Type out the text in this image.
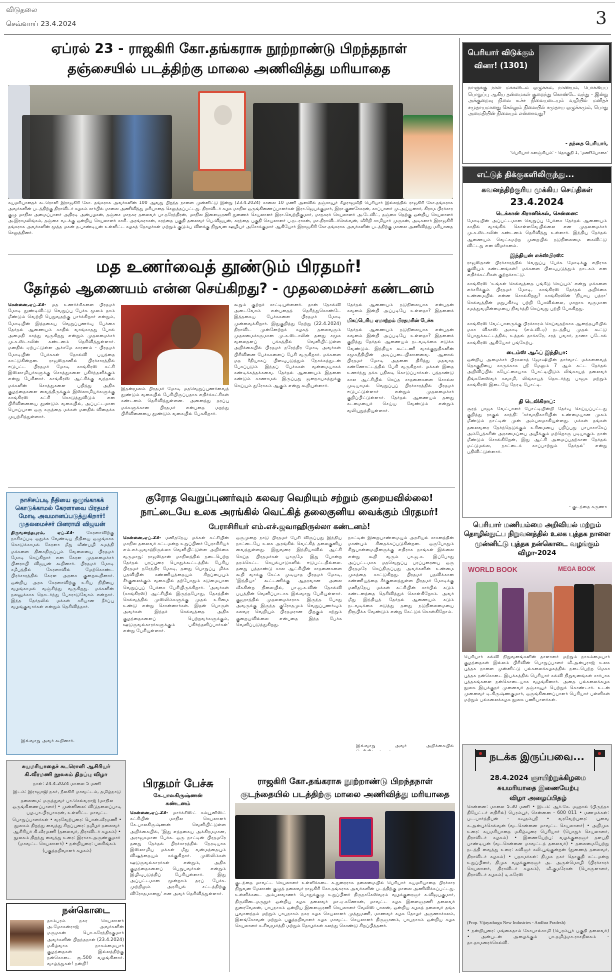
விடுதலை
செவ்வாய் 23.4.2024	3
ஏப்ரல் 23 - ராஜகிரி கோ.தங்கராசு நூற்றாண்டு பிறந்தநாள்
தஞ்சையில் படத்திற்கு மாலை அணிவித்து மரியாதை
சுயமரியாதைச் சுடரொளி இராஜகிரி கோ. தங்கராசு அவர்களின் 100 ஆவது பிறந்த நாளை முன்னிட்டு இன்று (23.4.2024) காலை 10 மணி அளவில் தஞ்சாவூர் கீழராஜவீதி பெரியார் இல்லத்தில் ராஜகிரி கோ.தங்கராசு அவர்களின் படத்திற்கு திராவிடர் கழகம் சார்பில் மாலை அணிவித்து மரியாதை செலுத்தப்பட்டது. திராவிடர் கழக மாநில ஒருங்கிணைப்பாளர்கள் இரா.ஜெயக்குமார், இரா.குணசேகரன், காப்பாளர் மு.அய்யனார், கிராம பிரச்சார குழு மாநில அமைப்பாளர் அதிரடி அன்பழகன், தஞ்சை மாநகர தலைவர் பா.நரேந்திரன், மாநில இளைஞரணி துணைச் செயலாளர் இரா.வெற்றிகுமார், மாநகரச் செயலாளர் அ.டேவிட், தஞ்சை தெற்கு ஒன்றிய செயலாளர் அ.இராமலிங்கம், தஞ்சை வடக்கு ஒன்றிய செயலாளர் காசி. அரங்கராசன், கரந்தை பகுதி தலைவர் பெ.விஜயன், கரந்தை பகுதி செயலாளர் ப.நடராசன், மா.திராவிடச்செல்வன், வீசிறி சாமியார் முருகன், அடிகளார் இராஜகிரி தங்கராசு அவர்களின் மூத்த மகன் த.பாண்டியன் உள்ளிட்ட கழகத் தோழர்கள் மற்றும் குடும்ப விளக்கு நிறுவன ஊழியர் அசோக்குமார் ஆகியோர் இராஜகிரி கோ.தங்கராசு அவர்களின் படத்திற்கு மாலை அணிவித்து மரியாதை செலுத்தினர்.
மத உணர்வைத் தூண்டும் பிரதமர்!
தேர்தல் ஆணையம் என்ன செய்கிறது? - முதலமைச்சர் கண்டனம்
சென்னை,ஏப்.23- மத உணர்ச்சிகளை பிரதமர் மோடி தூண்டிவிட்டு வெறுப்பு பேச்சு மூலம் தாம் மீண்டும் வெற்றி பெறுவதற்கு பார்க்கிறார் என்றும், மோடியின் இத்தகைய வெறுப்புணர்வு பேச்சை தேர்தல் ஆணையம் காதில் வாங்காதது போல் அமைதி காத்து வருகிறது என்றும் முதலமைச்சர் மு.க.ஸ்டாலின் கண்டனம் தெரிவித்துள்ளார். மனதில் ஏற்பட்டுள்ள அச்சமே காரணம் - பிரதமர் மோடியின் பேச்சுகள் தோல்வி பயத்தை காட்டுகின்றன. ராஜஸ்தானில் பிரச்சாரத்தில் ஈடுபட்ட பிரதமர் மோடி காங்கிரஸ் கட்சி இஸ்லாமியர்களுக்கு சொத்துகளை பகிர்ந்தளிக்கும் என்று பேசினார். காங்கிரஸ் ஆட்சிக்கு வந்தால் மக்களின் சொத்துகளை பறித்து அதிக குழந்தைகளை வைத்திருக்கும் இஸ்லாமியர்களுக்கு காங்கிரஸ் கட்சி கொடுத்துவிடும் என பிரிவினையை தூண்டும் வகையில், அப்பட்டமான பொய்யான ஒரு கருத்தை மக்கள் மனதில் விதைக்க முயற்சித்துள்ளார்.
இதன்மூலம் பிரதமர் மோடி மதவெறுப்புணர்வைத் தூண்டும் வகையில் பேசியிருப்பதாக எதிர்க்கட்சிகள் கண்டனம் தெரிவித்துள்ளன. அனைத்து தரப்பு மக்களுக்கான பிரதமர் என்பதை மறந்து பிரிவினையை தூண்டும் வகையில் பேசுகிறார்.
கூறும் குற்றச் சாட்டியுள்ளனர். தான் தோல்வி அடைவோம் என்பதைத் தெரிந்துகொண்டே இத்தகைய பேச்சுகளை பிரதமர் மோடி முன்வைக்கிறார். இதுகுறித்து நேற்று (22.4.2024) திராவிட முன்னேற்றக் கழகத் தலைவரும் முதலமைச்சருமான மு.க.ஸ்டாலின் தனது சமூக வலைதளப் பக்கத்தில் வெளியிட்டுள்ள அறிக்கையில் பிரதமர் நரேந்திர மோடி அவர்கள் பிரிவினை பேச்சுகளைப் பேசி வருகிறார். மக்களை மத ரீதியாகப் பிளவுபடுத்தும் நோக்கத்துடன் பேசப்படும் இந்தப் பேச்சுகள் வன்மையாகக் கண்டிக்கத்தக்கவை. தேர்தல் ஆணையம் இதனை கண்டும் காணாமல் இருப்பது ஜனநாயகத்துக்கு செய்யும் துரோகம் ஆகும் என்று கூறியுள்ளார்.
தேர்தல் ஆணையம் நடுநிலையாக என்பதன் கவனம் இன்றி அப்படியே உள்ளதா? இதனைக்
மிகப்பெரிய ஏமாற்றம் பிரதமரின் பேச்சு
தேர்தல் ஆணையம் நடுநிலையாக என்பதன் கவனம் இன்றி அப்படியே உள்ளதா? இதனைக் குறித்து தேர்தல் ஆணையம் நடவடிக்கை எடுக்க வேண்டும். இந்தியா கூட்டணி வாக்குறுதிகளின் சமூகநீதியின் அடிப்படையிலானவை. ஆனால் பிரதமர் மோடி அதனை திரித்து மதவாத கண்ணோட்டத்தில் பேசி வருகிறார். மக்கள் இதை உணர்ந்து தக்க பதிலடி கொடுப்பார்கள். பத்தாண்டு கால ஆட்சியில் செய்த சாதனைகளை சொல்ல முடியாமல் வெறுப்புப் பிரச்சாரத்தில் பிரதமர் ஈடுபட்டுள்ளார் என்றும் முதலமைச்சர் குறிப்பிட்டுள்ளார். தேர்தல் ஆணையம் தனது கடமையைச் செய்ய வேண்டும் என்றும் வலியுறுத்தியுள்ளார்.
நாசிசப்படி நீதியை ஒழுங்காகக் கொடுக்காமல் கேரளாவை பிரதமர் மோடி அவமானப்படுத்துகிறார்! முதலமைச்சர் பினராயி விஜயன்
திருவனந்தபுரம், ஏப்.23-	கேரளாவிற்கு நாசிசப்படி ஒதுக்க வேண்டிய நிதியை ஒழுங்காக கொடுக்காமல் கேரளா மீது வீண்பழி சுமத்தி மக்களை திசைதிருப்பும் வேலையை பிரதமர் மோடி செய்கிறார் என கேரள முதலமைச்சர் பினராயி விஜயன் கூறினார். பிரதமர் மோடி சமீபத்தில் கேரளாவில் மேற்கொண்ட பிரச்சாரத்தில் கேரள அரசை குறைகூறினார். ஒன்றிய அரசு கேரளாவிற்கு உரிய நிதியை வழங்காமல் வஞ்சித்து வருகிறது. மக்களின் நலனுக்காக தொடர்ந்து போராடுவோம் என்றார். இந்த தேர்தலில் மக்கள் சரியான தீர்ப்பு வழங்குவார்கள் என்றும் தெரிவித்தார்.
இவ்வாறு அவர் கூறினார்.
குரோத வெறுப்புணர்வும் கலவர வெறியும் சற்றும் குறையவில்லை!
நாட்டையே உலக அரங்கில் வெட்கித் தலைகுனிய வைக்கும் பிரதமர்!
பேராசிரியர் எம்.எச்.ஜவாஹிருல்லா கண்டனம்!
சென்னை,ஏப்.23- மனிதநேய மக்கள் கட்சியின் மாநில தலைவர் சட்டமன்ற உறுப்பினர் பேராசிரியர் எம்.எச்.ஜவாஹிருல்லா வெளியிட்டுள்ள அறிக்கை வருமாறு: ராஜஸ்தான் மாநிலத்தில் நடைபெற்ற தேர்தல் பரப்புரை பொதுக்கூட்டத்தில் பேசிய பிரதமர் நரேந்திர மோடி, தனது பொறுப்பு மிக்க பதவியின் கண்ணியத்தையும் சிறப்பையும் சீர்குலைக்கும் வகையில் தற்போதும் கடுமையான வெறுப்புப் பேச்சை பேசியிருக்கிறார். 'அவர்கள் (காங்கிரஸ்) ஆட்சியில் இருந்தபோது, தேசத்தின் செல்வத்தில் முஸ்லிம்களுக்கு முதல் உரிமை உண்டு என்று சொன்னார்கள். இதன் பொருள் அவர்கள் இந்தச் செல்வத்தை அதிக குழந்தைகளைப் பெற்றவர்களுக்கும், ஊடுருவல்காரர்களுக்கும் பகிர்ந்தளிப்பார்கள்' என்று பேசியுள்ளார்.
ஒருமுறை நாடு பிரதமர் பேசி விருப்பது இந்திய நாட்டையே உலக அரங்கில் வெட்கித் தலைகுனிய வைத்துள்ளது. இதுவரை இந்தியாவில் ஆட்சி செய்த பிரதமர்கள் யாருமே இது போன்ற தரம்கெட்ட செயல்பாடுகளில் ஈடுபட்டதில்லை. தனது பத்தாண்டு கால ஆட்சியின் சாதனைகளை கூறி வாக்கு கேட்க முடியாத பிரதமர் மோடி, 'இந்தியா' கூட்டணிக்கு ஆதரவான அலை வீசுகின்ற நிலையில், பா.ஜ.க.வின் தோல்வி பயத்தின் வெளிப்பாடாக இவ்வாறு பேசியுள்ளார். குஜராத்தில் முதலமைச்சராக இருந்த போது அவருக்கு இருந்த குரோதமும் வெறுப்புணர்வும் கலவர வெறியும் பிரதமரான பிறகும் சற்றும் குறையவில்லை என்பதை இந்த பேச்சு வெளிப்படுத்துகிறது.
நாட்டின் இறையாண்மையும் அரசியல் சாசனத்தின் மாண்பும் சிதைக்கப்படுகின்றன. ஒருபோதும் சிறுபான்மையினருக்கு எதிராக நாங்கள் இல்லை என்று கூறி வரும் பா.ஜ.க. இப்போது அப்பட்டமாக மதவெறுப்பு பரப்புரையை ஒரு பிரதமரே செய்திருப்பது அவர்களின் உண்மை முகத்தை காட்டுகிறது. பிரதமர் பதவிக்கான கண்ணியத்தை சீர்குலைத்துள்ள பிரதமர் மோடிக்கு மனிதநேய மக்கள் கட்சியின் சார்பில் கடும் கண்டனத்தை தெரிவித்துக் கொள்கிறோம். அவர் மீது இந்தியத் தேர்தல் ஆணையம் கடும் நடவடிக்கை எடுத்து தனது நடுநிலைமையை நிரூபிக்க வேண்டும் என்று கேட்டுக் கொள்கிறோம்.
இவ்வாறு அவர் அறிக்கையில்
சுயமரியாதைச் சுடரொளி ஆசிரியர் கி.வீரமணி நூலகம் திறப்பு விழா
நாள்: 24.4.2024 மாலை 5 மணி
இடம்: இராஜாஜி நகர், நீலகிரி மாவட்டம், தமிழ்நாடு
தலைமை: மருத்துவர் பா.செல்வராஜ் (மாநில ஒருங்கிணைப்பாளர்) • முன்னிலை: விடுதலைப்பாடி பழ.பா.பிரபாகரன், உள்ளிட்ட மாவட்ட பொறுப்பாளர்கள் • வரவேற்புரை: பொன்.வீரமணி • நூலகம் திறந்து வைத்து சிறப்புரை: தமிழர் தலைவர் ஆசிரியர் கி.வீரமணி (தலைவர், திராவிடர் கழகம்) • நூலகம் திறந்து வைத்து உரை: இராசா.அருண்குமார் (மாவட்ட செயலாளர்) • நன்றியுரை: பலசிங்கம் (பகுத்தறிவாளர் கழகம்)
நன்கொடை
தாம்பரம் நகர செயலாளர் அ.மோகன்ராஜ் அவர்களின் மருமகன் பொ.சுரேந்திரகுமார் அவர்களின் பிறந்தநாள் (23.4.2024) மகிழ்வாக நாகம்மையார் குழந்தைகள் இல்லத்திற்கு நன்கொடை ரூ.500 வழங்கினார். வாழ்த்துகள்! நன்றி!
பிரதமர் பேச்சு
கே.பாலகிருஷ்ணன்
கண்டனம்
சென்னை,ஏப்.23- மார்க்சிஸ்ட் கம்யூனிஸ்ட் கட்சியின் மாநில செயலாளர் கே.பாலகிருஷ்ணன் வெளியிட்டுள்ள அறிக்கையில், 'இது எத்தகைய அக்கிரமமான, அராஜகமான பேச்சு. ஒரு நாட்டின் பிரதமரே தனது தேர்தல் பிரச்சாரத்தில் நேரடியாக இஸ்லாமிய மக்கள் மீது வன்மத்தையும் விஷத்தையும் கக்குகிறார். முஸ்லிம்கள் ஊடுருவல்காரர்கள் என்றும், அதிக குழந்தைகளைப் பெறுபவர்கள் என்றும் இழிவுபடுத்திப் பேசியுள்ளார். இது அப்பட்டமான மூன்றாம் தரப் பேச்சு. முற்றிலும் அரசியல் சட்டத்திற்கு விரோதமானது' என அவர் தெரிவித்துள்ளார்.
ராஜகிரி கோ.தங்கராசு நூற்றாண்டு பிறந்தநாள்
குடந்தையில் படத்திற்கு மாலை அணிவித்து மரியாதை
குடந்தை மாவட்ட செயலாளர் உள்ளிக்கடை சு.துரைராசு தலைமையில் பெரியார் சுயமரியாதை பிரச்சார நிறுவன மேலாண் குழுத் தலைவர் ராஜகிரி கோ.தங்கராசு அவர்களின் படத்திற்கு மாலை அணிவிக்கப்பட்டது. உள்ளிக்கடை அம்பலவாணர் பொதுக்குழு உறுப்பினர் திருநாகேஸ்வரம் வழக்குரைஞர் க.விஜயகுமார், திருவிடைமருதூர் ஒன்றிய கழக தலைவர் மா.ஏ.கணேசன், மாவட்ட கழக இளைஞரணி தலைவர் துரைவேலன், பாபநாசம் ஒன்றிய இளைஞரணி செயலாளர் வேலிஸ் பாலன், ஒன்றிய கழகத் தலைவர் தங்க பூவானந்தம் மற்றும் பாபநாசம் நகர கழக செயலாளர் முத்துமணி, மாணவர் கழக தோழர் அருணாச்சலம், இளங்கோவன் மற்றும் பகுத்தறிவாளர் கழக மாவட்ட செயலாளர் திருஞானம், பாபநாசம் ஒன்றிய கழக செயலாளர் க.சிவமூர்த்தி மற்றும் தோழர்கள் கலந்து கொண்டு சிறப்பித்தனர்.
பெரியார் விடுக்கும்
வினா! (1301)
நாளுக்கு நாள் மக்களிடம் ஒழுக்கம், நாணயம், போக்கியப் பொறுப்பு ஆகிய தன்மைகள் குறைந்து கொண்டே வந்து - இன்று அக்குறைவு நிலை உச்ச நிலையடையும் வழியில் மனிதச் சமுதாயமானது செல்லும் நிலையில் சமுதாய ஒழுக்கமும், பொது அமைதியின் நிலையும் என்னாவது?
- தந்தை பெரியார்,
'பெரியார் களஞ்சியம்' - தொகுதி 1, 'மணியோசை'
எட்டுத் திக்குகளிலிருந்து...
கவனத்திற்குரிய முக்கிய செய்திகள்
23.4.2024
டெக்கான் கிரானிக்கல், சென்னை:
மோடியின் அப்பட்டமான வெறுப்பு பேச்சை தேர்தல் ஆணையம் காதில் வாங்கிக் கொள்ளவேயில்லை என முதலமைச்சர் மு.க.ஸ்டாலின் கண்டனம் தெரிவித்து உள்ளார். இந்திய தேர்தல் ஆணையம் வெட்கமற்ற முறையில் நடுநிலைமை கைவிட்டு விட்டது என விமர்சனம்.
இந்தியன் எக்ஸ்பிரஸ்:
ராஜஸ்தான் பிரச்சாரத்தில் வெறுப்பு பேச்சு மோடிக்கு எதிராக குவியும் கண்டனங்கள்! மக்களை பிளவுபடுத்தும் நாடகம் என எதிர்க்கட்சிகள் குற்றச்சாட்டு.
காங்கிரஸ் 'உங்கள் செல்வத்தை பங்கீடு செய்யும்' என்று மக்களை எச்சரிக்கும் பிரதமர் மோடி, காங்கிரஸ் தேர்தல் அறிக்கை உண்மையில் என்ன சொல்கிறது? காங்கிரஸின் 'நியாய பத்ரா' செல்வத்தின் மறுபகிர்வு பற்றி பேசவில்லை, மாறாக வருமான சமத்துவமின்மையை நிவர்த்தி செய்வது பற்றி பேசுகிறது.
காங்கிரஸ் வேட்பாளருக்கு பிரச்சாரம் செய்வதற்காக ஆனந்தபுரியில் மகா விகாஸ் அகாடி (எம்.வி.ஏ) நடத்திய முதல் கூட்டு பொதுக்கூட்டத்தில், உத்தவ் தாக்கரே, சரத் பவார், நானா படோல் காங்கிரஸ் ஆகியோர் பங்கேற்பு.
டைம்ஸ் ஆஃப் இந்தியா:
ஒன்றிய அமைச்சர் பிரகலாத் ஜோஷியின் தார்வாட் மக்களவைத் தொகுதியை காருக்காக ஸ்ரீ மேலும் 7 ஆம் கட்ட தேர்தல் அறிவிப்பில் சுயேட்சையாக போட்டியிடும் லிங்காயத் தலைவர் திங்களேஸ்வர் சுவாமி, லிங்காயத் தொடர்ந்து பாஜக மற்றும் காங்கிரஸ் இடையே நேரடி போட்டி.
தி டெலிகிராப்:
சூரத் பாஜக வேட்பாளர் போட்டியின்றி தேர்வு செய்யப்பட்டது குறித்து ராகுல் காந்தி: 'சர்வாதிகாரியின் உண்மையான முகம் மீண்டும் நாட்டின் முன் அம்பலமாகியுள்ளது. மக்கள் தங்கள் தலைவரை தேர்ந்தெடுக்கும் உரிமையை பறிப்பது பாபாசாகேப் அம்பேத்கரின் அரசமைப்பை அழிக்கும் மற்றொரு படியாகும். நான் மீண்டும் சொல்கிறேன், இது ஆட்சி அமைப்பதற்கான தேர்தல் மட்டுமல்ல, நாட்டைக் காப்பாற்றும் தேர்தல்' என்று பதிவிட்டுள்ளார்.
- குடந்தை கருணா
பெரியார் மணியம்மை அறிவியல் மற்றும் தொழில்நுட்ப நிறுவனத்தில் உலக புத்தக நாளை முன்னிட்டு புத்தக நன்கொடை வழங்கும் விழா-2024
WORLD BOOK	MEGA BOOK
பெரியார் கல்வி நிறுவனங்களின் தாளாளர் மற்றும் நாகம்மையார் குழந்தைகள் இல்லம் பிரிவின் பொறுப்பாளர் வீ.அன்புராஜ் உலக புத்தக நாளை முன்னிட்டு பல்கலைக்கழகத்தில் நடைபெற்ற மெகா புத்தக நன்கொடை இயக்கத்தில் பெரியார் கல்வி நிறுவனங்கள் சார்பாக புத்தகங்களை நன்கொடையாக வழங்கினார். அதை பல்கலைக்கழக நூலக இயக்குநர் முனைவர் தஞ்சாவூர் பெற்றுக் கொண்டார். உடன் முனைவர் டி.கிருஷ்ணகுமார், ஒருங்கிணைப்பாளர் பெரியார் பள்ளிகள் மற்றும் பல்கலைக்கழக நூலக பணியாளர்கள்.
நடக்க இருப்பவை...
28.4.2024 ஞாயிற்றுக்கிழமை
சுயமரியாதை இணையேற்பு
விழா அழைப்பிதழ்
சென்னை: மாலை 5.30 மணி • இடம்: ஆர்.கே. மஹால் (பிருந்தா தியேட்டர் எதிரில்) பெரம்பூர், சென்னை - 600 011 • மணமக்கள்: பட.பார்த்திபன் - கவுதம்ஸ்ரீ • வரவேற்புரை: பூவை க.அன்புச்செல்வன் (வடசென்னை மாவட்ட செயலாளர்) • அறிமுக உரை: சுயமரியாதை மகிழ்வுரை பெரியார் (பொதுச் செயலாளர், திராவிடர் கழகம்) • இணையேற்பு: வழக்குரைஞர் தளபதி பாண்டியன் (வடசென்னை மாவட்டத் தலைவர்) • தலைமையேற்று நடத்தி வைத்து உரை: கவிஞர் கலி.பூங்குன்றன் (துணைத் தலைவர், திராவிடர் கழகம்) • பதாமர்கள்: திமுக நகர் தொகுதி சட்டமன்ற உறுப்பினர், திமுக வழக்குரைஞர் அ. அருள்மொழி (பிரச்சாரச் செயலாளர், திராவிடர் கழகம்), வீ.குமரேசன் (பொருளாளர், திராவிடர் கழகம்) டி.கரேஸ்
(Prop. Vijayadurga New Industries - Andhra Pradesh)
• நன்றியுரை: மங்கைதாம் கோபால்சாமி (பெரம்பூர் பகுதி தலைவர்) • அன்புடன் அழைக்கும் பா.தமிழ்மா.ராசதிலகம் - தா.தாமரைச்செல்வி.
